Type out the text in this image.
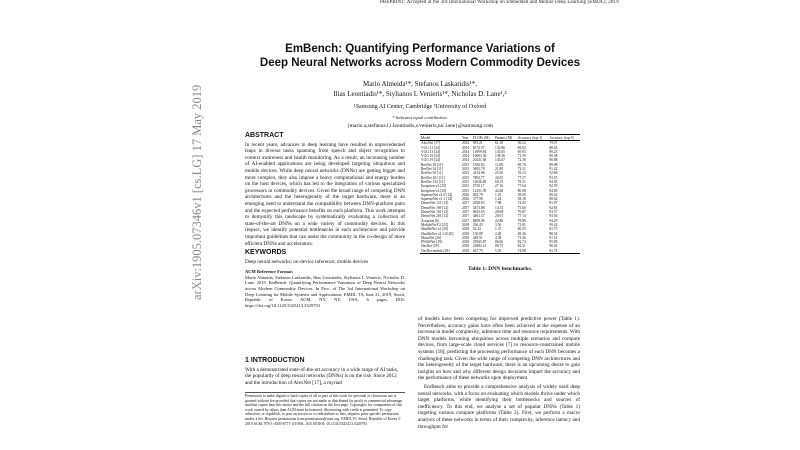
PREPRINT: Accepted at the 3rd International Workshop on Embedded and Mobile Deep Learning (EMDL), 2019
arXiv:1905.07346v1 [cs.LG] 17 May 2019
EmBench: Quantifying Performance Variations of
Deep Neural Networks across Modern Commodity Devices
Mario Almeida¹*, Stefanos Laskaridis¹*,
Ilias Leontiadis¹*, Stylianos I. Venieris¹*, Nicholas D. Lane¹,²
¹Samsung AI Center, Cambridge ²University of Oxford
* Indicates equal contribution.
{mario.a,stefanos.l,i.leontiadis,s.venieris,nic.lane}@samsung.com
ABSTRACT

In recent years, advances in deep learning have resulted in unprecedented leaps in diverse tasks spanning from speech and object recognition to context awareness and health monitoring. As a result, an increasing number of AI-enabled applications are being developed targeting ubiquitous and mobile devices. While deep neural networks (DNNs) are getting bigger and more complex, they also impose a heavy computational and energy burden on the host devices, which has led to the integration of various specialized processors in commodity devices. Given the broad range of competing DNN architectures and the heterogeneity of the target hardware, there is an emerging need to understand the compatibility between DNN-platform pairs and the expected performance benefits on each platform. This work attempts to demystify this landscape by systematically evaluating a collection of state-of-the-art DNNs on a wide variety of commodity devices. In this respect, we identify potential bottlenecks in each architecture and provide important guidelines that can assist the community in the co-design of more efficient DNNs and accelerators.

KEYWORDS

Deep neural networks; on-device inference; mobile devices

ACM Reference Format:
Mario Almeida, Stefanos Laskaridis, Ilias Leontiadis, Stylianos I. Venieris, Nicholas D. Lane. 2019. EmBench: Quantifying Performance Variations of Deep Neural Networks across Modern Commodity Devices. In Proc. of The 3rd International Workshop on Deep Learning for Mobile Systems and Applications, EMDL '19, June 21, 2019, Seoul, Republic of Korea. ACM, NY, NY, USA, 6 pages. DOI: https://doi.org/10.1145/3325413.3329793
1 INTRODUCTION
With a demonstrated state-of-the-art accuracy in a wide range of AI tasks, the popularity of deep neural networks (DNNs) is on the rise. Since 2012 and the introduction of AlexNet [17], a myriad
Permission to make digital or hard copies of all or part of this work for personal or classroom use is granted without fee provided that copies are not made or distributed for profit or commercial advantage and that copies bear this notice and the full citation on the first page. Copyrights for components of this work owned by others than ACM must be honored. Abstracting with credit is permitted. To copy otherwise, or republish, to post on servers or to redistribute to lists, requires prior specific permission and/or a fee. Request permissions from permissions@acm.org. EMDL'19, Seoul, Republic of Korea © 2019 ACM. 978-1-4503-6771-4/19/06...$15.00 DOI: 10.1145/3325413.3329793
Model	Year	FLOPs (M)	Params (M)	Accuracy (top-1)	Accuracy (top-5)
AlexNet [17]	2012	955.21	61.10	56.52	79.07
VGG 11 [24]	2014	8172.57	132.86	69.02	88.63
VGG 13 [24]	2014	11899.84	133.05	69.93	89.25
VGG 16 [24]	2014	16063.36	138.36	71.59	90.38
VGG 19 [24]	2014	20231.68	143.67	72.38	90.88
ResNet 18 [11]	2015	1836.82	11.69	69.76	89.08
ResNet 34 [11]	2015	3692.78	21.80	73.31	91.42
ResNet 50 [11]	2015	4154.96	25.56	76.13	92.86
ResNet 101 [11]	2015	7892.77	44.55	77.37	93.55
ResNet 152 [11]	2015	11636.48	60.19	78.31	94.05
Inception-v3 [25]	2015	5730.17	27.16	77.64	92.59
Inception-v4 [25]	2015	12351.39	42.68	80.08	94.89
SqueezeNet v1.0 [14]	2016	863.79	1.25	58.09	80.42
SqueezeNet v1.1 [14]	2016	377.90	1.24	58.18	80.62
DenseNet 121 [12]	2017	2928.83	7.98	74.43	91.97
DenseNet 169 [12]	2017	3473.88	14.15	75.60	92.81
DenseNet 161 [12]	2017	6633.65	28.68	76.87	93.57
DenseNet 201 [12]	2017	4461.37	20.01	77.14	93.56
Xception [6]	2017	8409.09	22.86	78.89	94.29
MobileNetV2 [23]	2018	336.43	3.50	71.81	90.42
ShuffleNet v2 [20]	2018	52.32	1.37	60.55	81.75
ShuffleNet v2 1.0 [20]	2018	150.89	2.28	69.36	88.32
MnasNet [26]	2018	449.51	4.38	73.46	91.51
PNASNet [19]	2018	25945.87	86.06	82.74	95.99
NasNet [29]	2018	24882.21	88.75	82.51	96.02
NasNet mobile [29]	2018	667.75	5.29	74.08	91.74
Table 1: DNN benchmarks.

of models have been competing for improved predictive power (Table 1). Nevertheless, accuracy gains have often been achieved at the expense of an increase in model complexity, inference time and resource requirements. With DNN models becoming ubiquitous across multiple scenarios and compute devices, from large-scale cloud services [7] to resource-constrained mobile systems [18], predicting the processing performance of each DNN becomes a challenging task. Given the wide range of competing DNN architectures and the heterogeneity of the target hardware, there is an upcoming desire to gain insights on how and why different design decisions impact the accuracy and the performance of these networks upon deployment.

EmBench aims to provide a comprehensive analysis of widely used deep neural networks, with a focus on evaluating which models thrive under which target platforms, while identifying their bottlenecks and sources of inefficiency. To this end, we analyse a set of popular DNNs (Table 1) targeting various compute platforms (Table 2). First, we perform a macro analysis of these networks in terms of their complexity, inference latency and throughput for
